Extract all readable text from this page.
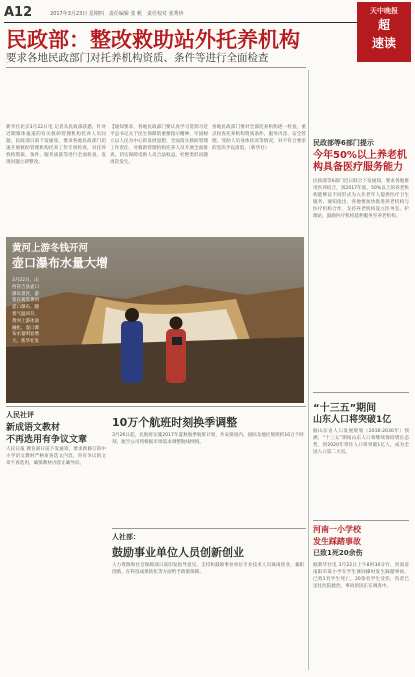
A12	2017年3月23日 星期四　责任编辑 张 帆　责任校对 张秀珍	天中晚报
超
速读
民政部：整改救助站外托养机构
要求各地民政部门对托养机构资质、条件等进行全面检查
新华社北京3月22日电 记者从民政部获悉，针对近期媒体报道的有关救助管理机构托养人员问题，民政部日前下发通知，要求各地民政部门迅速开展救助管理机构托养工作专项检查，对托养机构资质、条件、服务质量等进行全面检查，发现问题立即整改。
【通知要求，各地民政部门要认真学习贯彻习近平总书记关于民生保障的重要指示精神，牢固树立以人民为中心的发展思想，全面落实救助管理工作责任，对救助管理机构托养人员开展全面排查，切实保障受助人员合法权益，杜绝类似问题再次发生。
各地民政部门要对全部托养机构逐一检查，重点检查托养机构资质条件、服务内容、安全管理、受助人员身体状况等情况，对不符合要求的坚决予以清退。（新华社）
黄河上游冬钱开河
壶口瀑布水量大增
3月22日，山西省吉县壶口瀑布景区，游客在观赏黄河壶口瀑布。随着气温回升，黄河上游冰凌融化，壶口瀑布水量明显增大。新华社发
民政部等6部门提示
今年50%以上养老机构具备医疗服务能力
民政部等6部门近日联合下发通知，要求各地推进医养结合，到2017年底，50%以上的养老机构能够以不同形式为入住老年人提供医疗卫生服务。通知指出，各地要加快推进养老机构与医疗机构合作，支持养老机构设立医务室、护理站，鼓励医疗机构延伸服务至养老机构。
“十三五”期间
山东人口将突破1亿
据山东省人口发展规划（2016-2030年）预测，“十三五”期间山东人口将继续保持增长态势，到2020年常住人口将突破1亿人，成为全国人口第二大省。
河南一小学校
发生踩踏事故
已致1死20余伤
据新华社电 3月22日上午8时30分许，河南省南阳市某小学在学生课间操时发生踩踏事故，已致1名学生死亡、20余名学生受伤，伤者已送往医院救治，事故原因正在调查中。
人民社评
新成语文教材
不再选用有争议文章
人民日报 教育部日前下发通知，要求新修订的中小学语文教材严格审查选文内容，对有争议的文章不再选用，确保教材内容正确导向。
10万个航班时刻换季调整
3月26日起，民航将实施2017年夏秋航季航班计划，共安排国内、国际及地区航班约10万个时刻，航空公司将根据市场需求调整航线网络。
人社部：
鼓励事业单位人员创新创业
人力资源和社会保障部日前印发指导意见，支持和鼓励事业单位专业技术人员离岗创业、兼职创新，在科技成果转化等方面给予政策保障。
